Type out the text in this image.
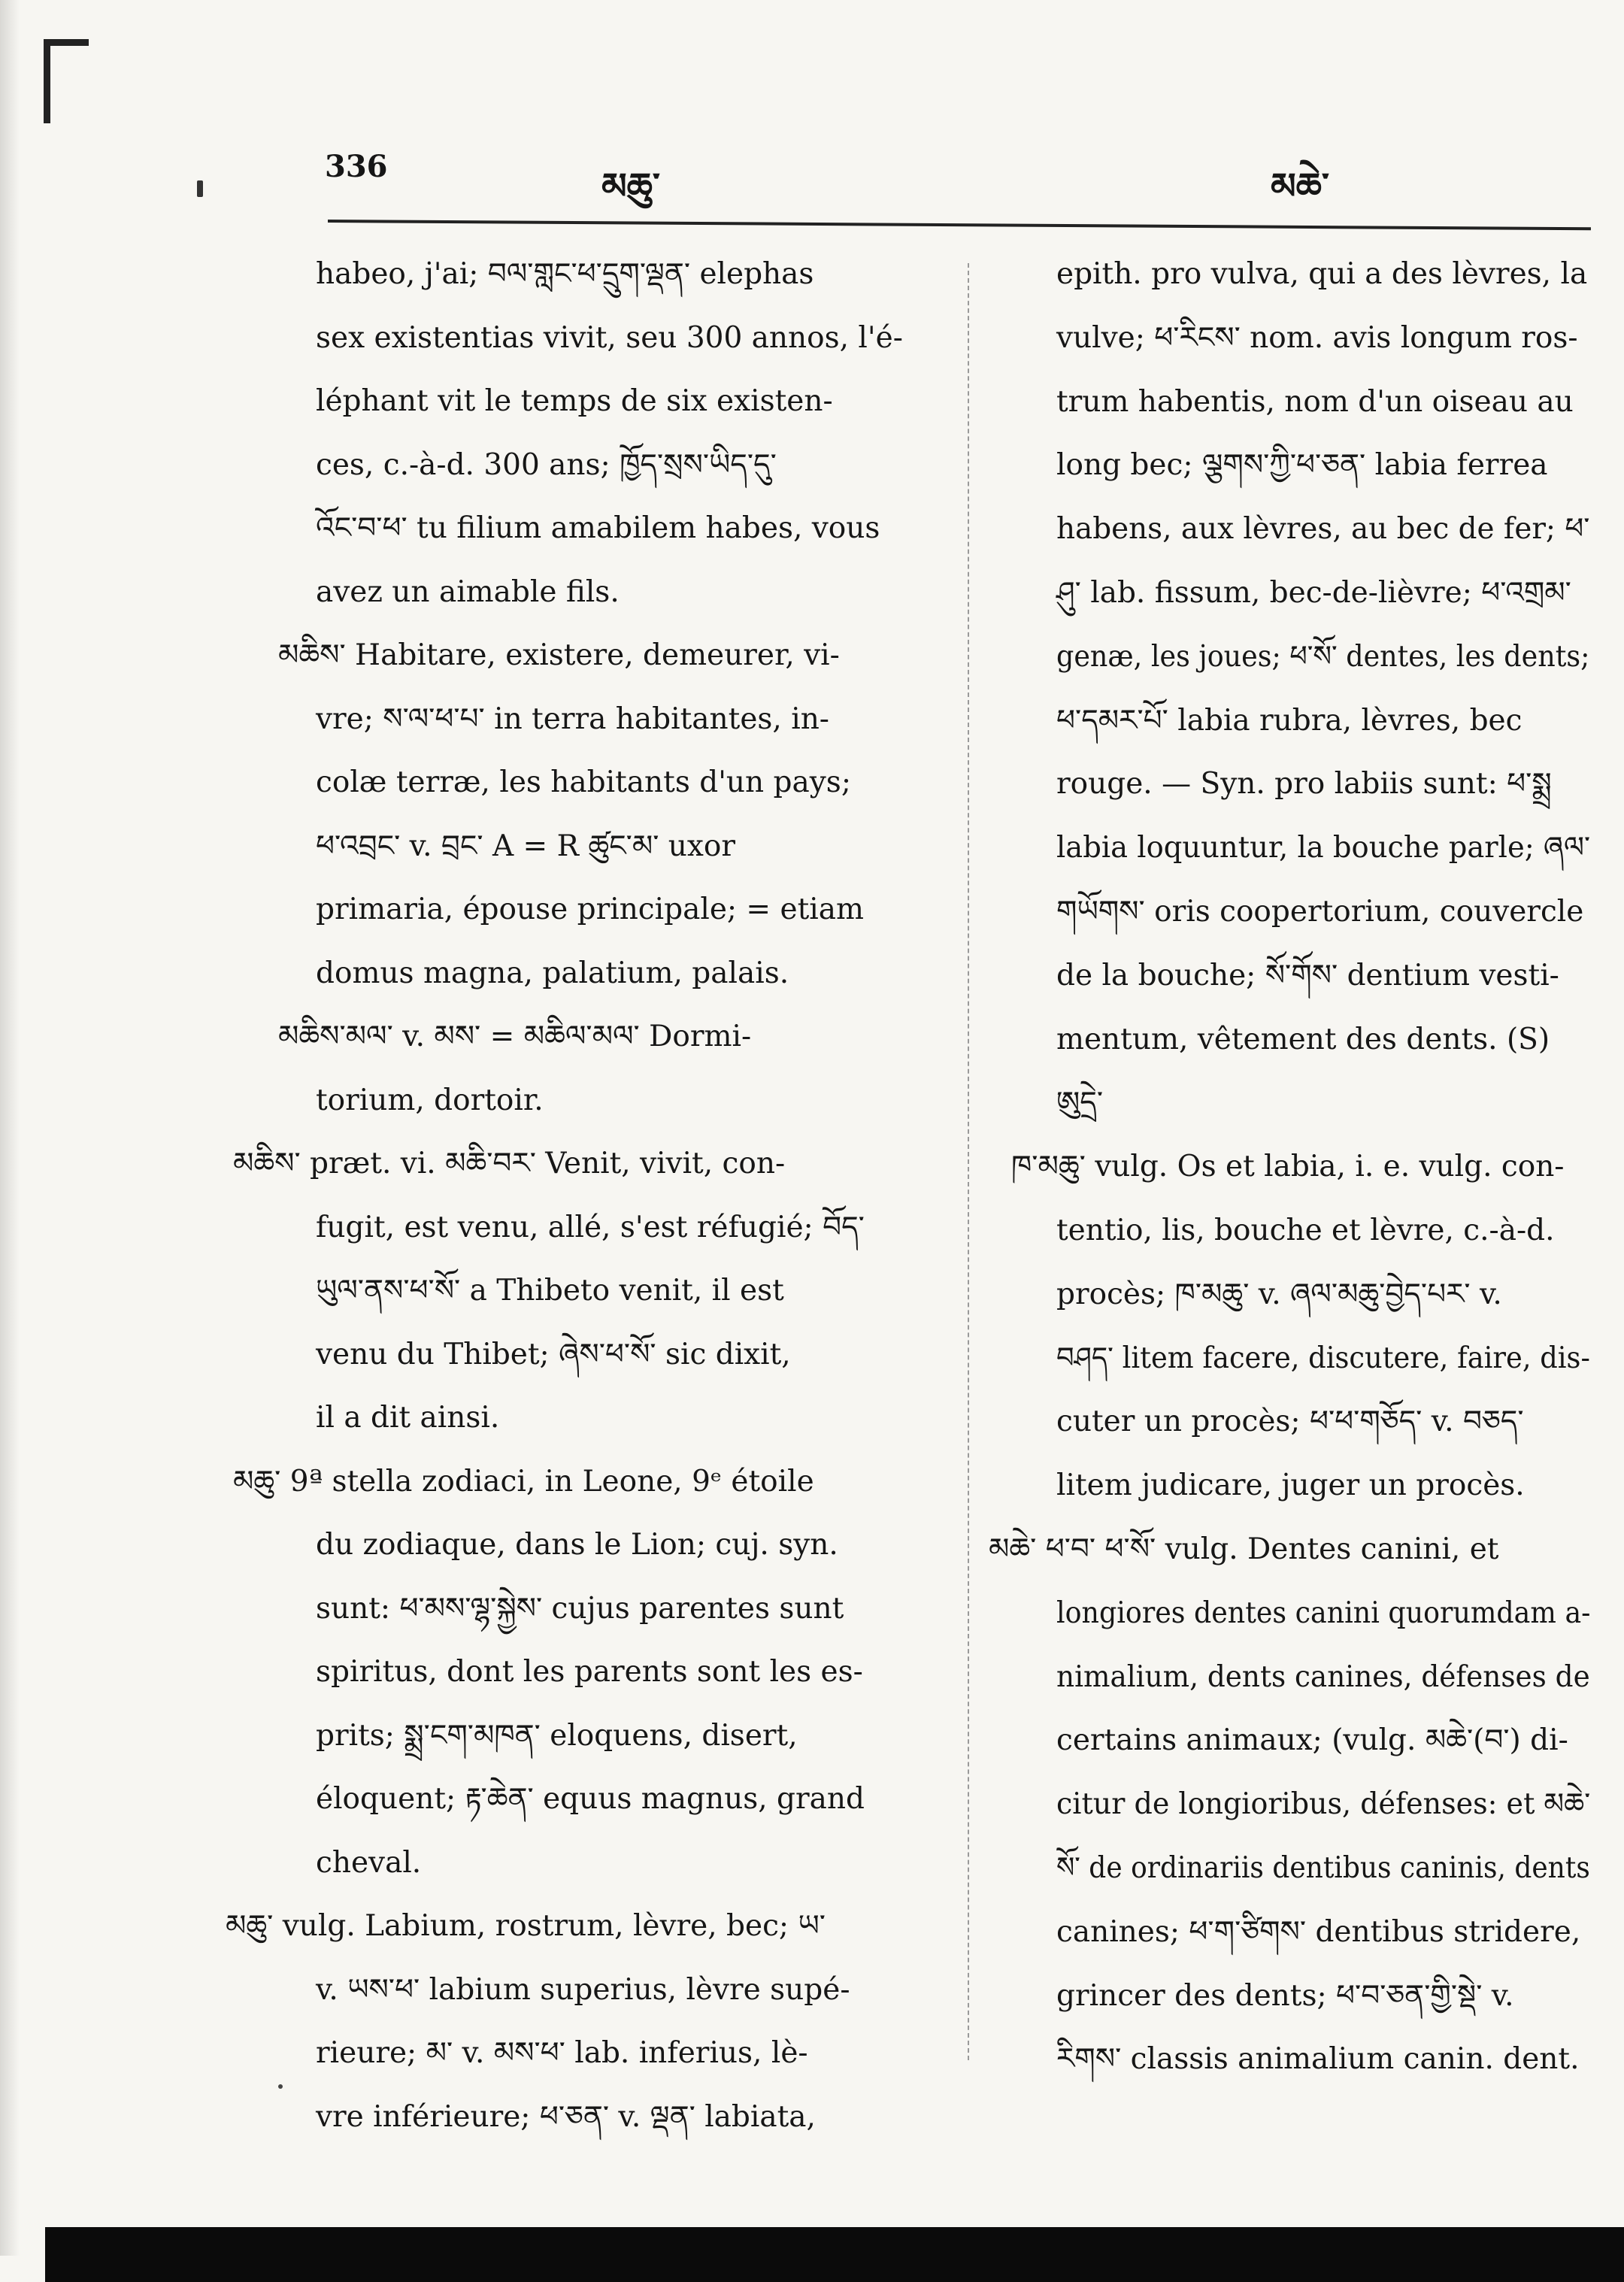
336	མཆུ་	མཆེ་
habeo, j'ai; བལ་གླང་ཕ་དྲུག་ལྡན་ elephas
sex existentias vivit, seu 300 annos, l'é-
léphant vit le temps de six existen-
ces, c.-à-d. 300 ans; ཁྱོད་སྲས་ཡིད་དུ་
འོང་བ་ཕ་ tu filium amabilem habes, vous
avez un aimable fils.
མཆིས་ Habitare, existere, demeurer, vi-
vre; ས་ལ་ཕ་པ་ in terra habitantes, in-
colæ terræ, les habitants d'un pays;
ཕ་འབྲང་ v. བྲང་ A = R ཚུང་མ་ uxor
primaria, épouse principale; = etiam
domus magna, palatium, palais.
མཆིས་མལ་ v. མས་ = མཆིལ་མལ་ Dormi-
torium, dortoir.
མཆིས་ præt. vi. མཆི་བར་ Venit, vivit, con-
fugit, est venu, allé, s'est réfugié; བོད་
ཡུལ་ནས་ཕ་སོ་ a Thibeto venit, il est
venu du Thibet; ཞེས་ཕ་སོ་ sic dixit,
il a dit ainsi.
མཆུ་ 9ª stella zodiaci, in Leone, 9ᵉ étoile
du zodiaque, dans le Lion; cuj. syn.
sunt: ཕ་མས་ལྷ་སྐྱེས་ cujus parentes sunt
spiritus, dont les parents sont les es-
prits; སྨྲ་ངག་མཁན་ eloquens, disert,
éloquent; རྟ་ཆེན་ equus magnus, grand
cheval.
མཆུ་ vulg. Labium, rostrum, lèvre, bec; ཡ་
v. ཡས་ཕ་ labium superius, lèvre supé-
rieure; མ་ v. མས་ཕ་ lab. inferius, lè-
vre inférieure; ཕ་ཅན་ v. ལྡན་ labiata,
epith. pro vulva, qui a des lèvres, la
vulve; ཕ་རིངས་ nom. avis longum ros-
trum habentis, nom d'un oiseau au
long bec; ལྕགས་ཀྱི་ཕ་ཅན་ labia ferrea
habens, aux lèvres, au bec de fer; ཕ་
ཤུ་ lab. fissum, bec-de-lièvre; ཕ་འགྲམ་
genæ, les joues; ཕ་སོ་ dentes, les dents;
ཕ་དམར་པོ་ labia rubra, lèvres, bec
rouge. — Syn. pro labiis sunt: ཕ་སྨྲ
labia loquuntur, la bouche parle; ཞལ་
གཡོགས་ oris coopertorium, couvercle
de la bouche; སོ་གོས་ dentium vesti-
mentum, vêtement des dents. (S)
ཨུདྲེ་
ཁ་མཆུ་ vulg. Os et labia, i. e. vulg. con-
tentio, lis, bouche et lèvre, c.-à-d.
procès; ཁ་མཆུ་ v. ཞལ་མཆུ་བྱེད་པར་ v.
བཤད་ litem facere, discutere, faire, dis-
cuter un procès; ཕ་ཕ་གཅོད་ v. བཅད་
litem judicare, juger un procès.
མཆེ་ ཕ་བ་ ཕ་སོ་ vulg. Dentes canini, et
longiores dentes canini quorumdam a-
nimalium, dents canines, défenses de
certains animaux; (vulg. མཆེ་(བ་) di-
citur de longioribus, défenses: et མཆེ་
སོ་ de ordinariis dentibus caninis, dents
canines; ཕ་ག་ཙིགས་ dentibus stridere,
grincer des dents; ཕ་བ་ཅན་གྱི་སྡེ་ v.
རིགས་ classis animalium canin. dent.
